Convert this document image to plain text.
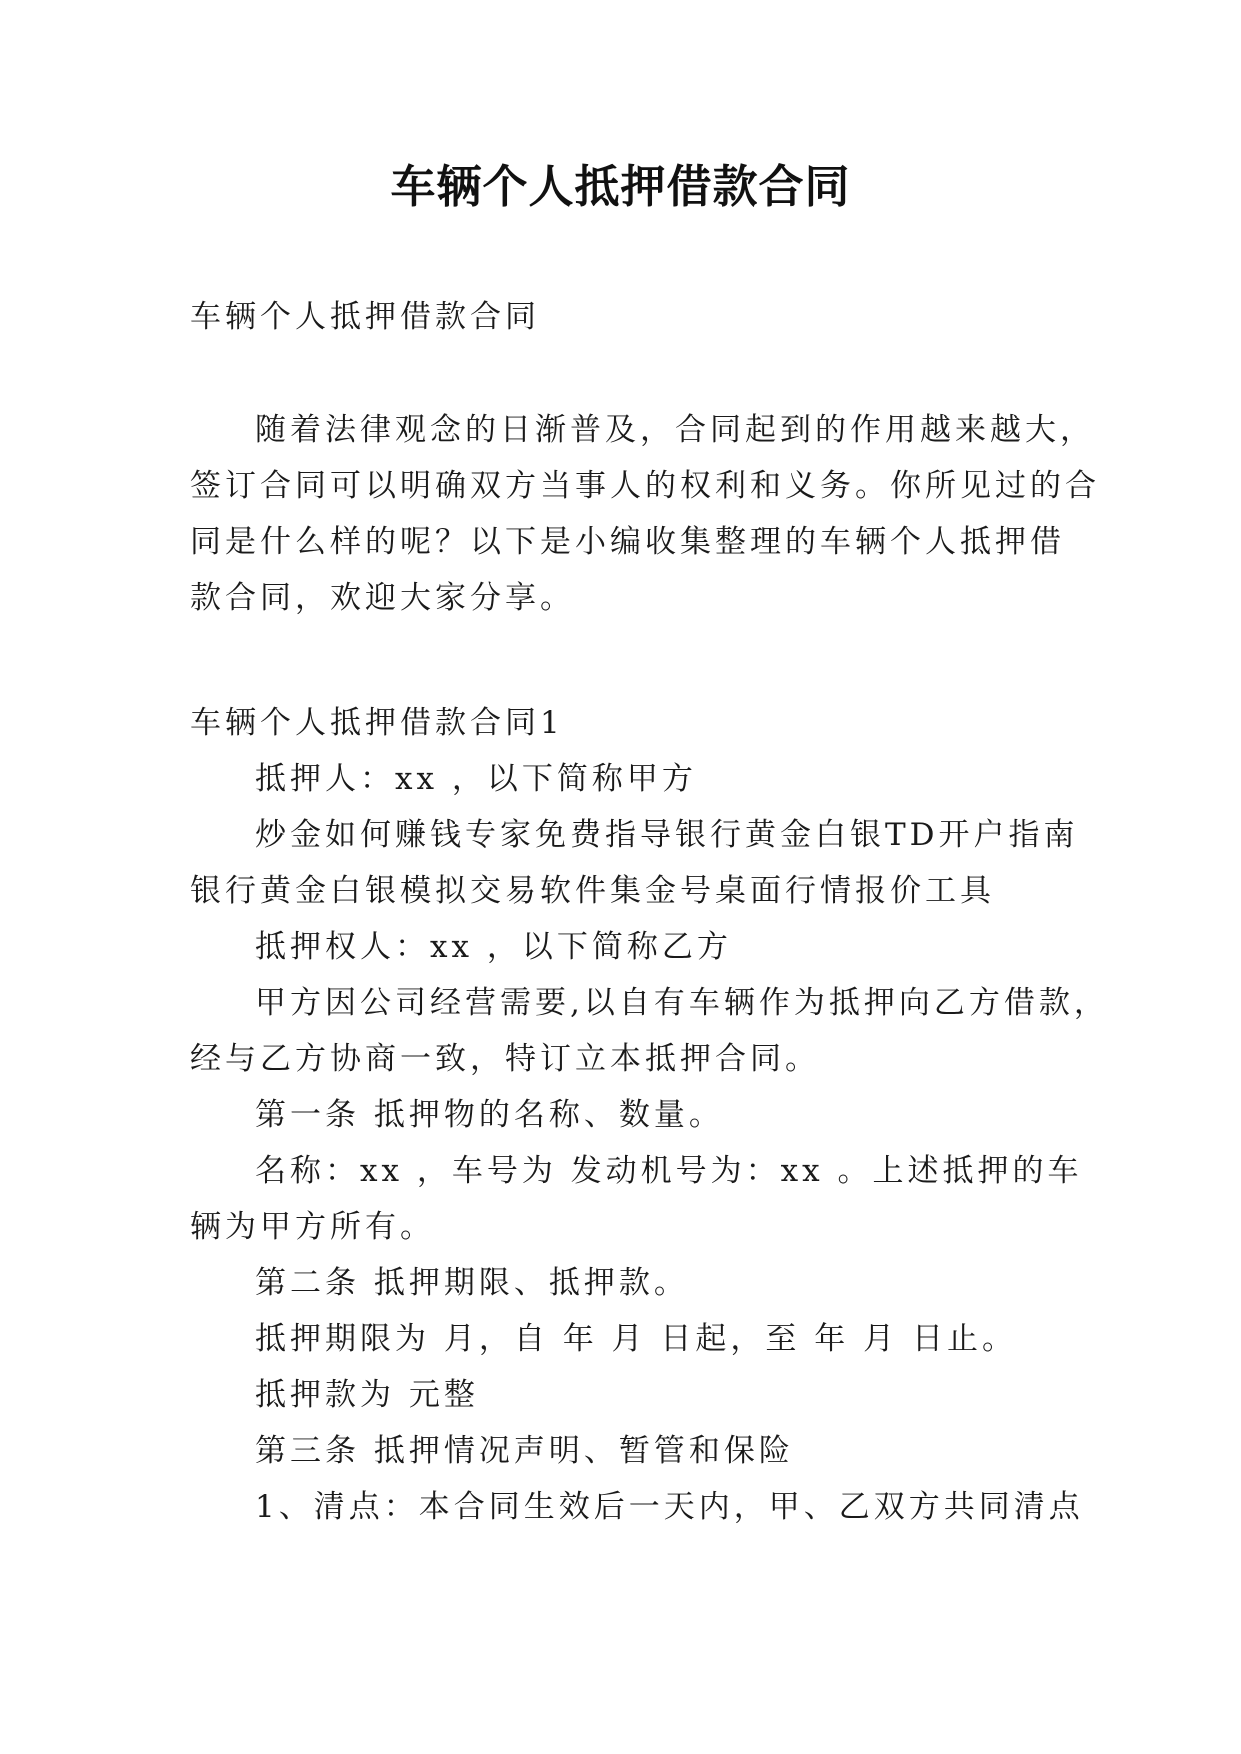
车辆个人抵押借款合同

车辆个人抵押借款合同

随着法律观念的日渐普及，合同起到的作用越来越大，

签订合同可以明确双方当事人的权利和义务。你所见过的合

同是什么样的呢？以下是小编收集整理的车辆个人抵押借

款合同，欢迎大家分享。

车辆个人抵押借款合同1

抵押人：xx ，以下简称甲方

炒金如何赚钱专家免费指导银行黄金白银TD开户指南

银行黄金白银模拟交易软件集金号桌面行情报价工具

抵押权人：xx ，以下简称乙方

甲方因公司经营需要,以自有车辆作为抵押向乙方借款，

经与乙方协商一致，特订立本抵押合同。

第一条 抵押物的名称、数量。

名称：xx ，车号为 发动机号为：xx 。上述抵押的车

辆为甲方所有。

第二条 抵押期限、抵押款。

抵押期限为 月，自 年 月 日起，至 年 月 日止。

抵押款为 元整

第三条 抵押情况声明、暂管和保险

1、清点：本合同生效后一天内，甲、乙双方共同清点
